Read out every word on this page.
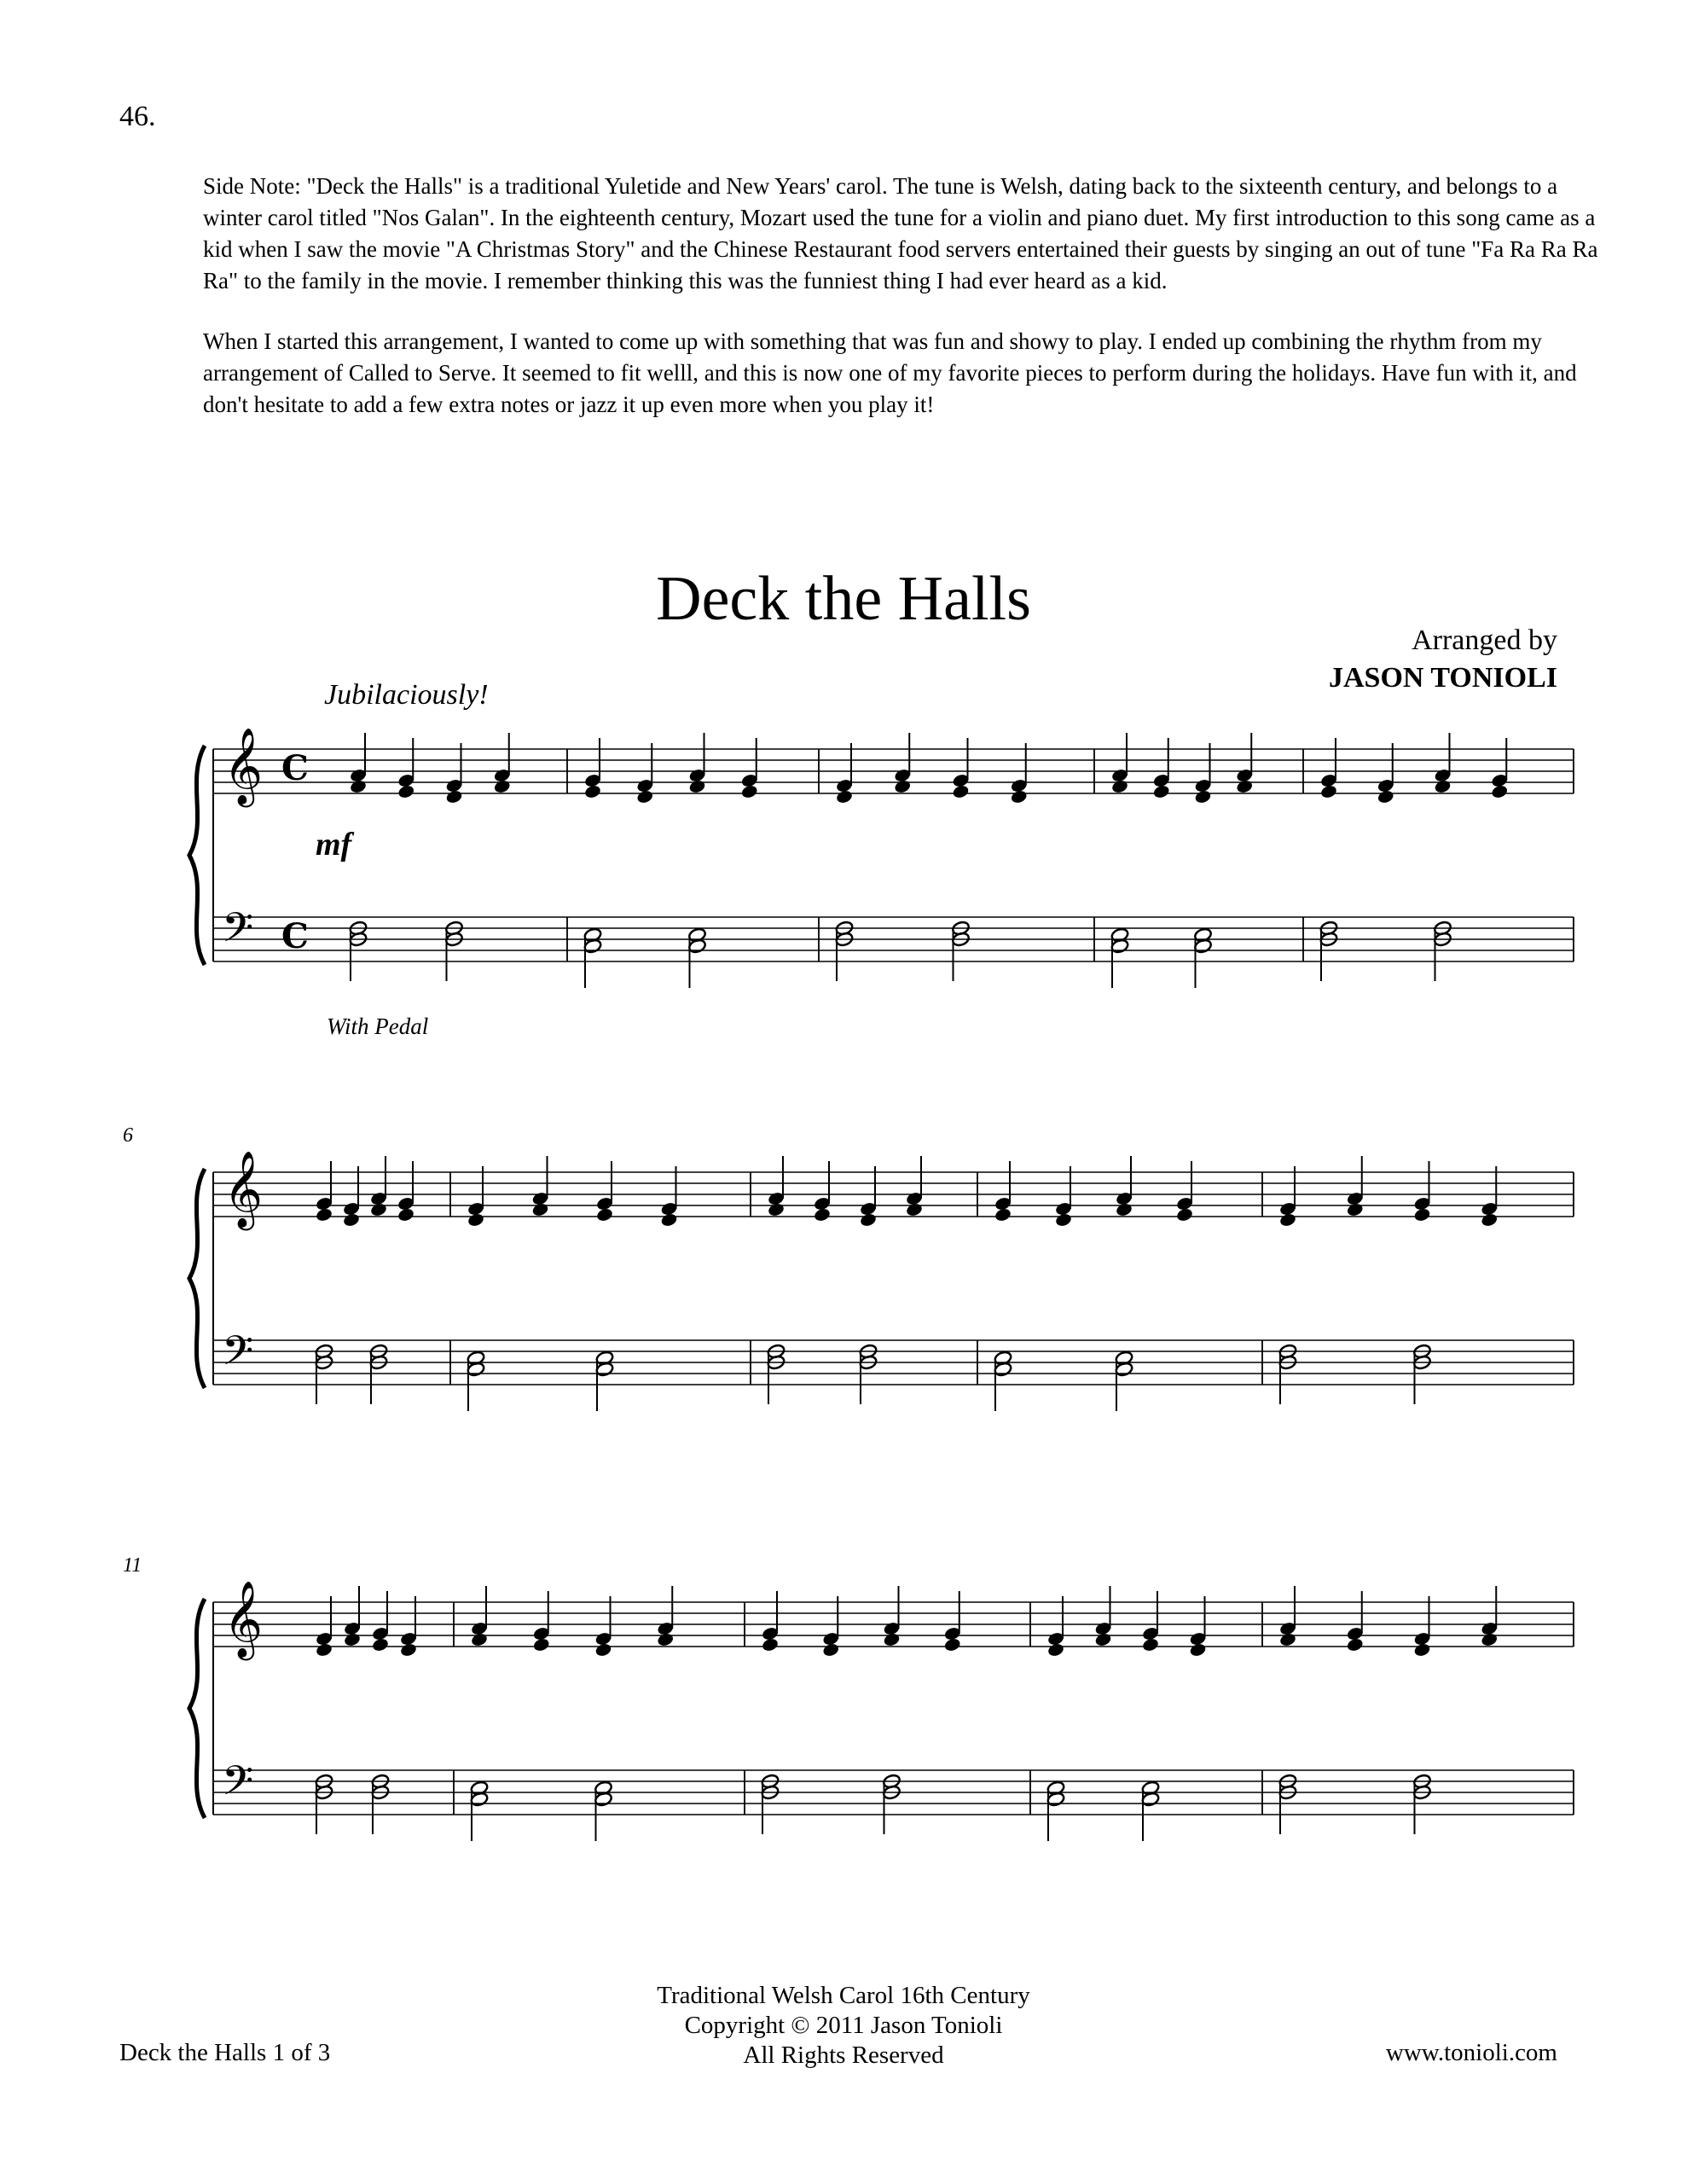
46.

Side Note: "Deck the Halls" is a traditional Yuletide and New Years' carol. The tune is Welsh, dating back to the sixteenth century, and belongs to a winter carol titled "Nos Galan". In the eighteenth century, Mozart used the tune for a violin and piano duet. My first introduction to this song came as a kid when I saw the movie "A Christmas Story" and the Chinese Restaurant food servers entertained their guests by singing an out of tune "Fa Ra Ra Ra Ra" to the family in the movie. I remember thinking this was the funniest thing I had ever heard as a kid.

When I started this arrangement, I wanted to come up with something that was fun and showy to play. I ended up combining the rhythm from my arrangement of Called to Serve. It seemed to fit welll, and this is now one of my favorite pieces to perform during the holidays. Have fun with it, and don't hesitate to add a few extra notes or jazz it up even more when you play it!

Deck the Halls
Arranged by
JASON TONIOLI
Jubilaciously!
mf
With Pedal
6
11
𝄞
𝄢
C
C
𝄞
𝄢
𝄞
𝄢
Deck the Halls 1 of 3
Traditional Welsh Carol 16th Century
Copyright © 2011 Jason Tonioli
All Rights Reserved	www.tonioli.com
